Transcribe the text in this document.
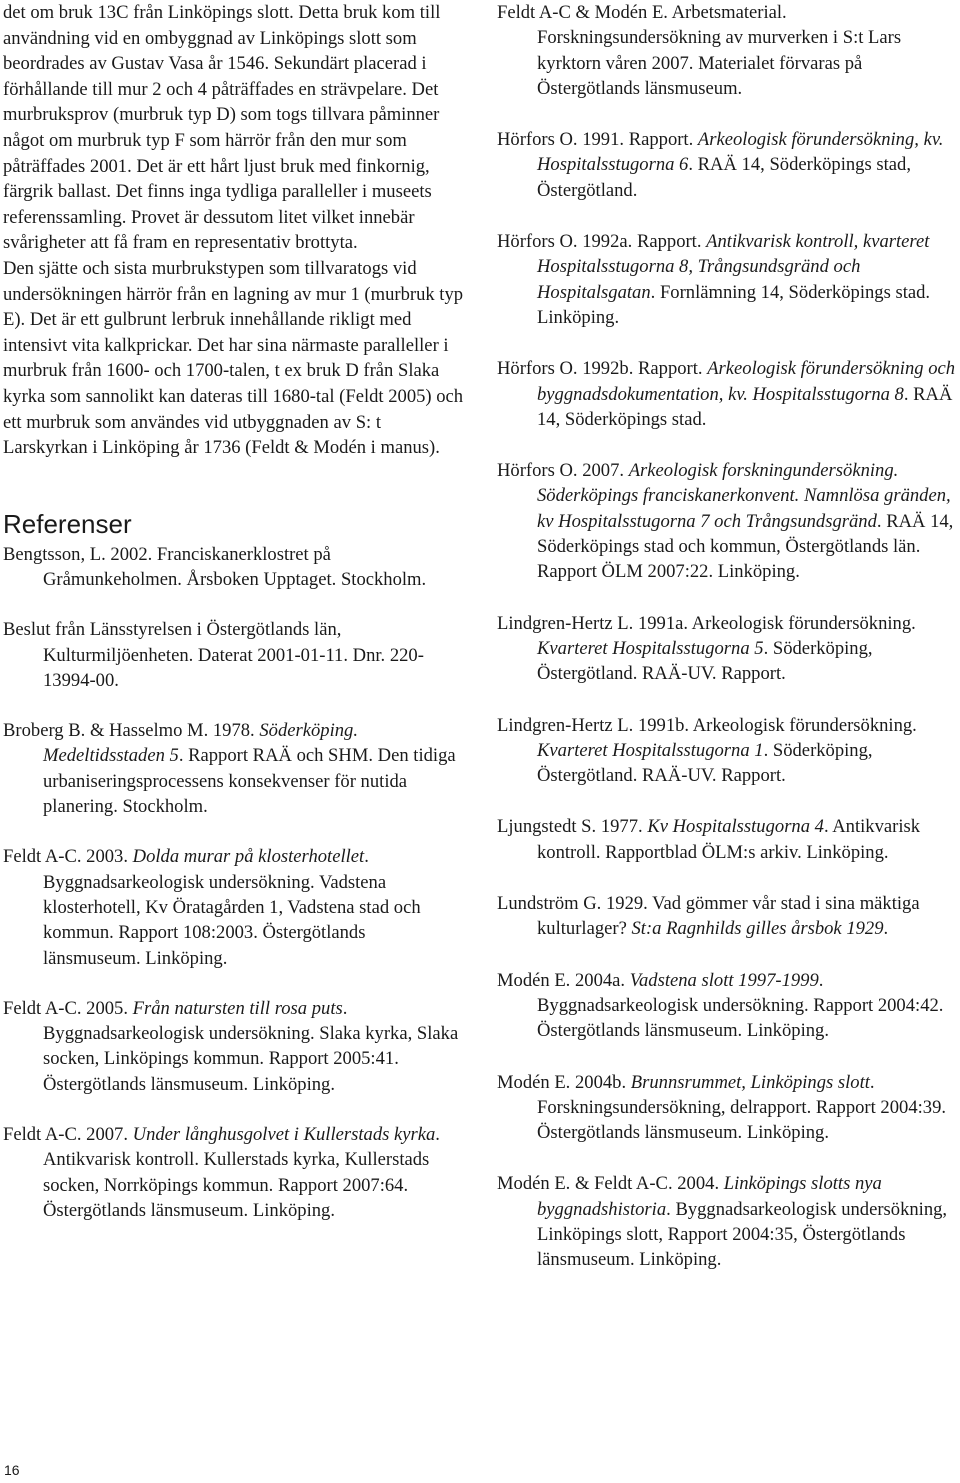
det om bruk 13C från Linköpings slott. Detta bruk kom till användning vid en ombyggnad av Linköpings slott som beordrades av Gustav Vasa år 1546. Sekundärt placerad i förhållande till mur 2 och 4 påträffades en strävpelare. Det murbruksprov (murbruk typ D) som togs tillvara påminner något om murbruk typ F som härrör från den mur som påträffades 2001. Det är ett hårt ljust bruk med finkornig, färgrik ballast. Det finns inga tydliga paralleller i museets referenssamling. Provet är dessutom litet vilket innebär svårigheter att få fram en representativ brottyta.

Den sjätte och sista murbrukstypen som tillvaratogs vid undersökningen härrör från en lagning av mur 1 (murbruk typ E). Det är ett gulbrunt lerbruk innehållande rikligt med intensivt vita kalkprickar. Det har sina närmaste paralleller i murbruk från 1600- och 1700-talen, t ex bruk D från Slaka kyrka som sannolikt kan dateras till 1680-tal (Feldt 2005) och ett murbruk som användes vid utbyggnaden av S: t Larskyrkan i Linköping år 1736 (Feldt & Modén i manus).

Referenser

Bengtsson, L. 2002. Franciskanerklostret på Gråmunkeholmen. Årsboken Upptaget. Stockholm.

Beslut från Länsstyrelsen i Östergötlands län, Kulturmiljöenheten. Daterat 2001-01-11. Dnr. 220-13994-00.

Broberg B. & Hasselmo M. 1978. Söderköping. Medeltidsstaden 5. Rapport RAÄ och SHM. Den tidiga urbaniseringsprocessens konsekvenser för nutida planering. Stockholm.

Feldt A-C. 2003. Dolda murar på klosterhotellet. Byggnadsarkeologisk undersökning. Vadstena klosterhotell, Kv Öratagården 1, Vadstena stad och kommun. Rapport 108:2003. Östergötlands länsmuseum. Linköping.

Feldt A-C. 2005. Från natursten till rosa puts. Byggnadsarkeologisk undersökning. Slaka kyrka, Slaka socken, Linköpings kommun. Rapport 2005:41. Östergötlands länsmuseum. Linköping.

Feldt A-C. 2007. Under långhusgolvet i Kullerstads kyrka. Antikvarisk kontroll. Kullerstads kyrka, Kullerstads socken, Norrköpings kommun. Rapport 2007:64. Östergötlands länsmuseum. Linköping.

Feldt A-C & Modén E. Arbetsmaterial. Forskningsundersökning av murverken i S:t Lars kyrktorn våren 2007. Materialet förvaras på Östergötlands länsmuseum.

Hörfors O. 1991. Rapport. Arkeologisk förundersökning, kv. Hospitalsstugorna 6. RAÄ 14, Söderköpings stad, Östergötland.

Hörfors O. 1992a. Rapport. Antikvarisk kontroll, kvarteret Hospitalsstugorna 8, Trångsundsgränd och Hospitalsgatan. Fornlämning 14, Söderköpings stad. Linköping.

Hörfors O. 1992b. Rapport. Arkeologisk förundersökning och byggnadsdokumentation, kv. Hospitalsstugorna 8. RAÄ 14, Söderköpings stad.

Hörfors O. 2007. Arkeologisk forskningundersökning. Söderköpings franciskanerkonvent. Namnlösa gränden, kv Hospitalsstugorna 7 och Trångsundsgränd. RAÄ 14, Söderköpings stad och kommun, Östergötlands län. Rapport ÖLM 2007:22. Linköping.

Lindgren-Hertz L. 1991a. Arkeologisk förundersökning. Kvarteret Hospitalsstugorna 5. Söderköping, Östergötland. RAÄ-UV. Rapport.

Lindgren-Hertz L. 1991b. Arkeologisk förundersökning. Kvarteret Hospitalsstugorna 1. Söderköping, Östergötland. RAÄ-UV. Rapport.

Ljungstedt S. 1977. Kv Hospitalsstugorna 4. Antikvarisk kontroll. Rapportblad ÖLM:s arkiv. Linköping.

Lundström G. 1929. Vad gömmer vår stad i sina mäktiga kulturlager? St:a Ragnhilds gilles årsbok 1929.

Modén E. 2004a. Vadstena slott 1997-1999. Byggnadsarkeologisk undersökning. Rapport 2004:42. Östergötlands länsmuseum. Linköping.

Modén E. 2004b. Brunnsrummet, Linköpings slott. Forskningsundersökning, delrapport. Rapport 2004:39. Östergötlands länsmuseum. Linköping.

Modén E. & Feldt A-C. 2004. Linköpings slotts nya byggnadshistoria. Byggnadsarkeologisk undersökning, Linköpings slott, Rapport 2004:35, Östergötlands länsmuseum. Linköping.

16
